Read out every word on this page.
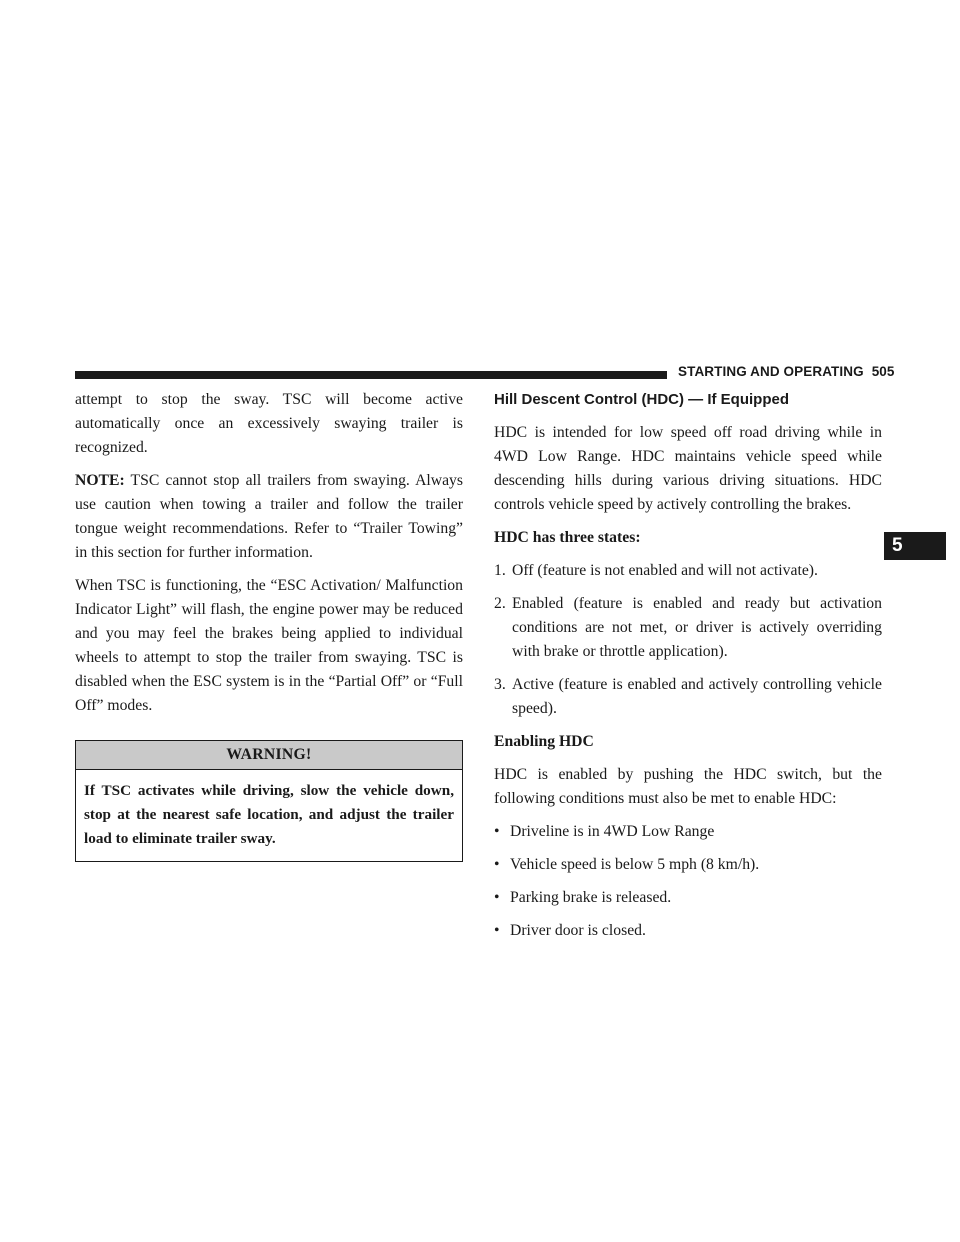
STARTING AND OPERATING 505
5

attempt to stop the sway. TSC will become active automatically once an excessively swaying trailer is recognized.

NOTE: TSC cannot stop all trailers from swaying. Always use caution when towing a trailer and follow the trailer tongue weight recommendations. Refer to “Trailer Towing” in this section for further information.

When TSC is functioning, the “ESC Activation/ Malfunction Indicator Light” will flash, the engine power may be reduced and you may feel the brakes being applied to individual wheels to attempt to stop the trailer from swaying. TSC is disabled when the ESC system is in the “Partial Off” or “Full Off” modes.

WARNING!
If TSC activates while driving, slow the vehicle down, stop at the nearest safe location, and adjust the trailer load to eliminate trailer sway.
Hill Descent Control (HDC) — If Equipped

HDC is intended for low speed off road driving while in 4WD Low Range. HDC maintains vehicle speed while descending hills during various driving situations. HDC controls vehicle speed by actively controlling the brakes.

HDC has three states:

1. Off (feature is not enabled and will not activate).
2. Enabled (feature is enabled and ready but activation conditions are not met, or driver is actively overriding with brake or throttle application).
3. Active (feature is enabled and actively controlling vehicle speed).

Enabling HDC

HDC is enabled by pushing the HDC switch, but the following conditions must also be met to enable HDC:

• Driveline is in 4WD Low Range
• Vehicle speed is below 5 mph (8 km/h).
• Parking brake is released.
• Driver door is closed.
